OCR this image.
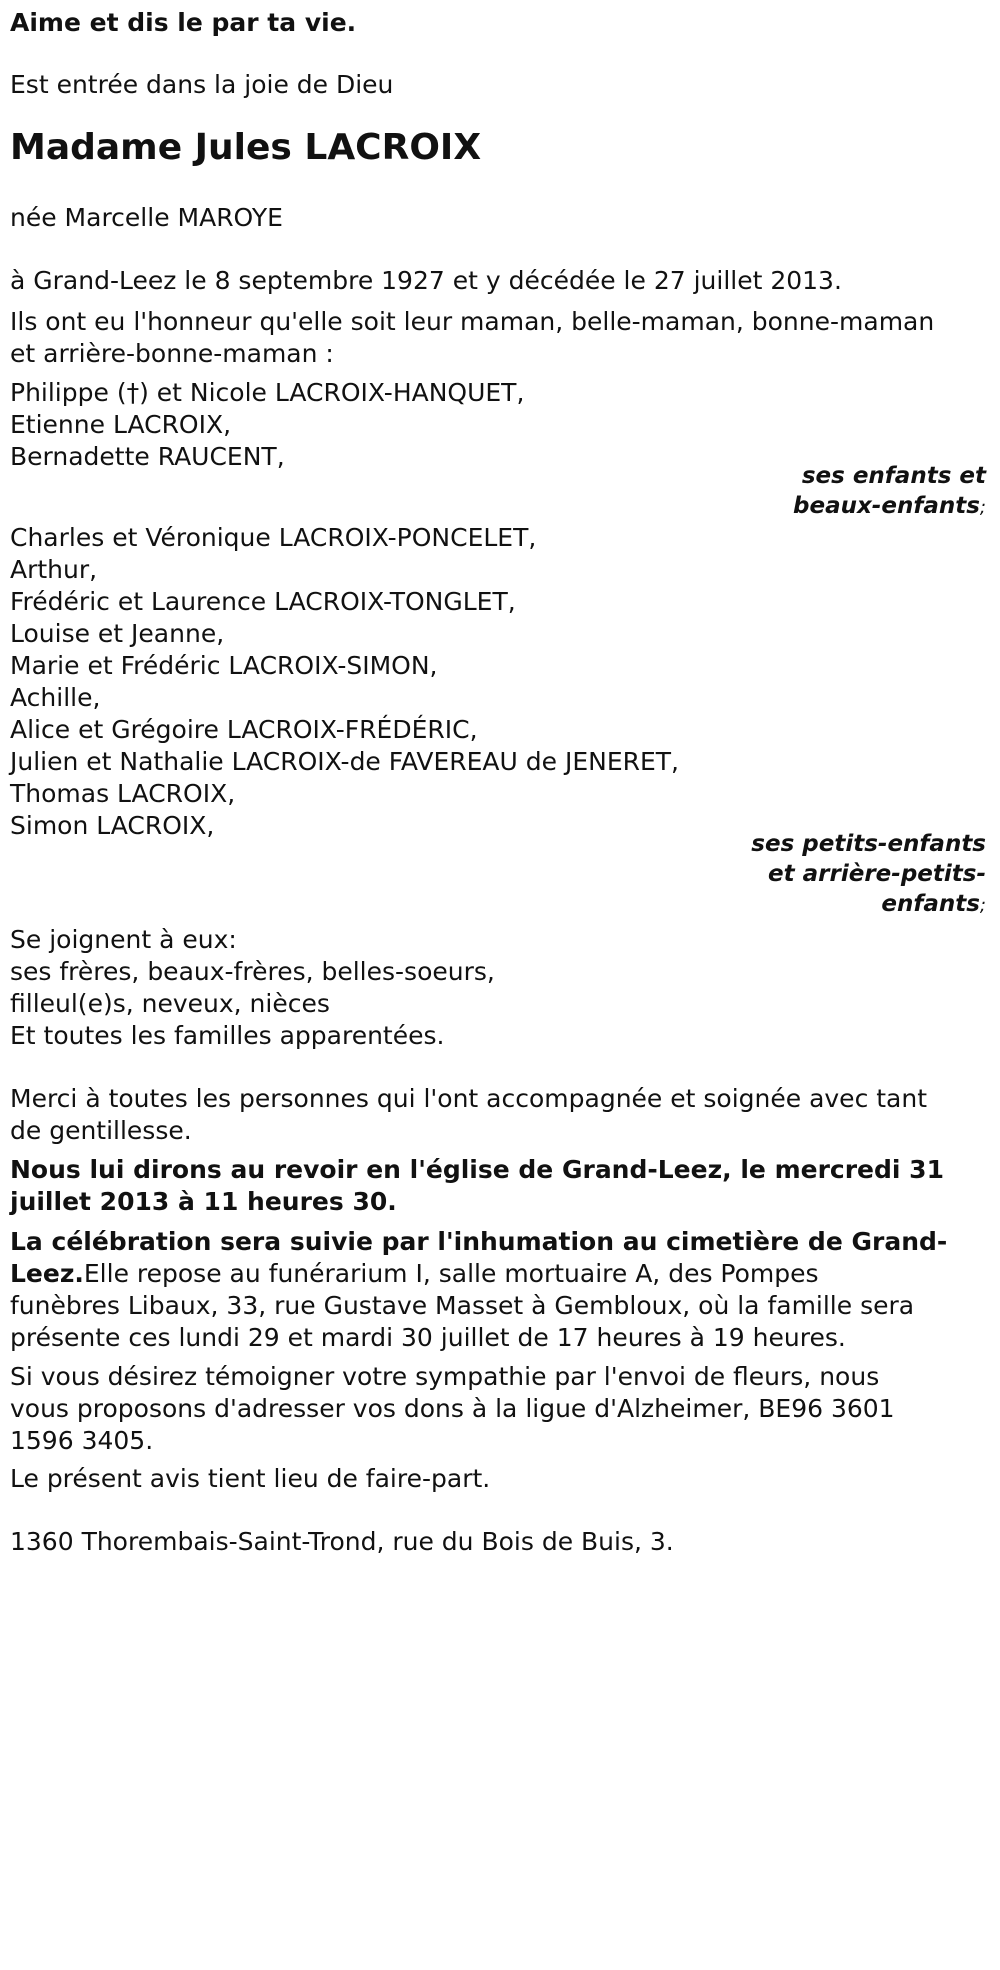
Aime et dis le par ta vie.

Est entrée dans la joie de Dieu

Madame Jules LACROIX

née Marcelle MAROYE

à Grand-Leez le 8 septembre 1927 et y décédée le 27 juillet 2013.

Ils ont eu l'honneur qu'elle soit leur maman, belle-maman, bonne-maman

et arrière-bonne-maman :

Philippe (†) et Nicole LACROIX-HANQUET,

Etienne LACROIX,

Bernadette RAUCENT,

ses enfants et
beaux-enfants;

Charles et Véronique LACROIX-PONCELET,

Arthur,

Frédéric et Laurence LACROIX-TONGLET,

Louise et Jeanne,

Marie et Frédéric LACROIX-SIMON,

Achille,

Alice et Grégoire LACROIX-FRÉDÉRIC,

Julien et Nathalie LACROIX-de FAVEREAU de JENERET,

Thomas LACROIX,

Simon LACROIX,

ses petits-enfants
et arrière-petits-
enfants;

Se joignent à eux:

ses frères, beaux-frères, belles-soeurs,

filleul(e)s, neveux, nièces

Et toutes les familles apparentées.

Merci à toutes les personnes qui l'ont accompagnée et soignée avec tant

de gentillesse.

Nous lui dirons au revoir en l'église de Grand-Leez, le mercredi 31

juillet 2013 à 11 heures 30.

La célébration sera suivie par l'inhumation au cimetière de Grand-

Leez.Elle repose au funérarium I, salle mortuaire A, des Pompes

funèbres Libaux, 33, rue Gustave Masset à Gembloux, où la famille sera

présente ces lundi 29 et mardi 30 juillet de 17 heures à 19 heures.

Si vous désirez témoigner votre sympathie par l'envoi de fleurs, nous

vous proposons d'adresser vos dons à la ligue d'Alzheimer, BE96 3601

1596 3405.

Le présent avis tient lieu de faire-part.

1360 Thorembais-Saint-Trond, rue du Bois de Buis, 3.
